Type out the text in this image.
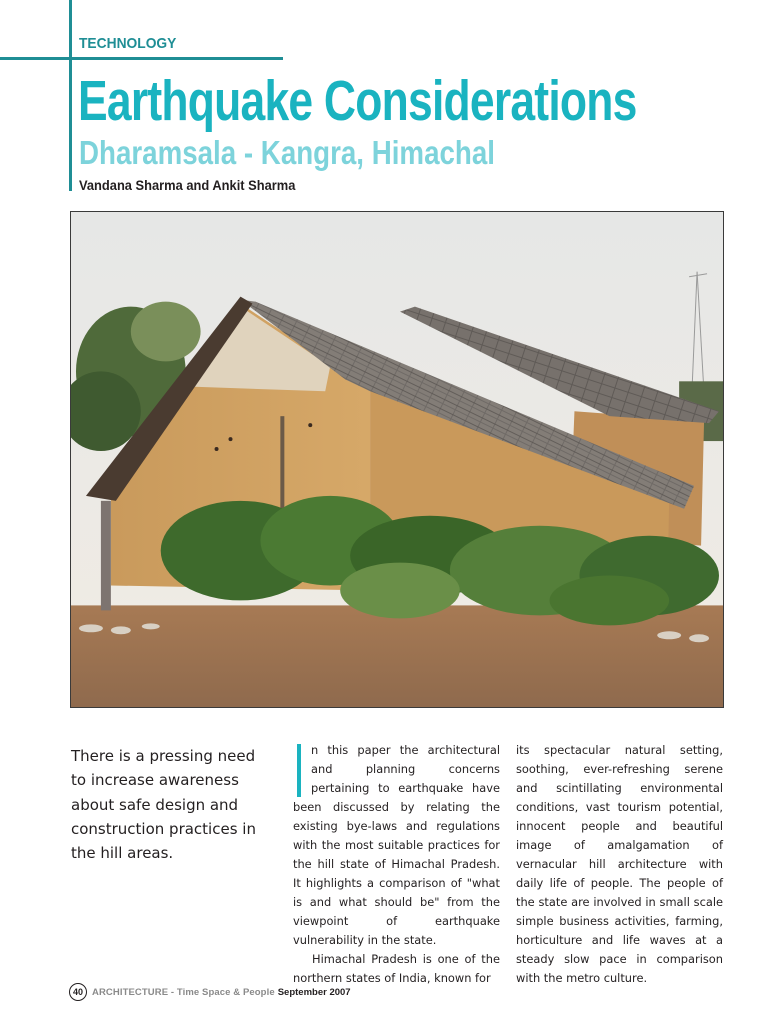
TECHNOLOGY
Earthquake Considerations
Dharamsala - Kangra, Himachal
Vandana Sharma and Ankit Sharma

There is a pressing need to increase awareness about safe design and construction practices in the hill areas.

n this paper the architectural and planning concerns pertaining to earthquake have been discussed by relating the existing bye-laws and regulations with the most suitable practices for the hill state of Himachal Pradesh. It highlights a comparison of "what is and what should be" from the viewpoint of earthquake vulnerability in the state.

Himachal Pradesh is one of the northern states of India, known for

its spectacular natural setting, soothing, ever-refreshing serene and scintillating environmental conditions, vast tourism potential, innocent people and beautiful image of amalgamation of vernacular hill architecture with daily life of people. The people of the state are involved in small scale simple business activities, farming, horticulture and life waves at a steady slow pace in comparison with the metro culture.

40 ARCHITECTURE - Time Space & People September 2007
